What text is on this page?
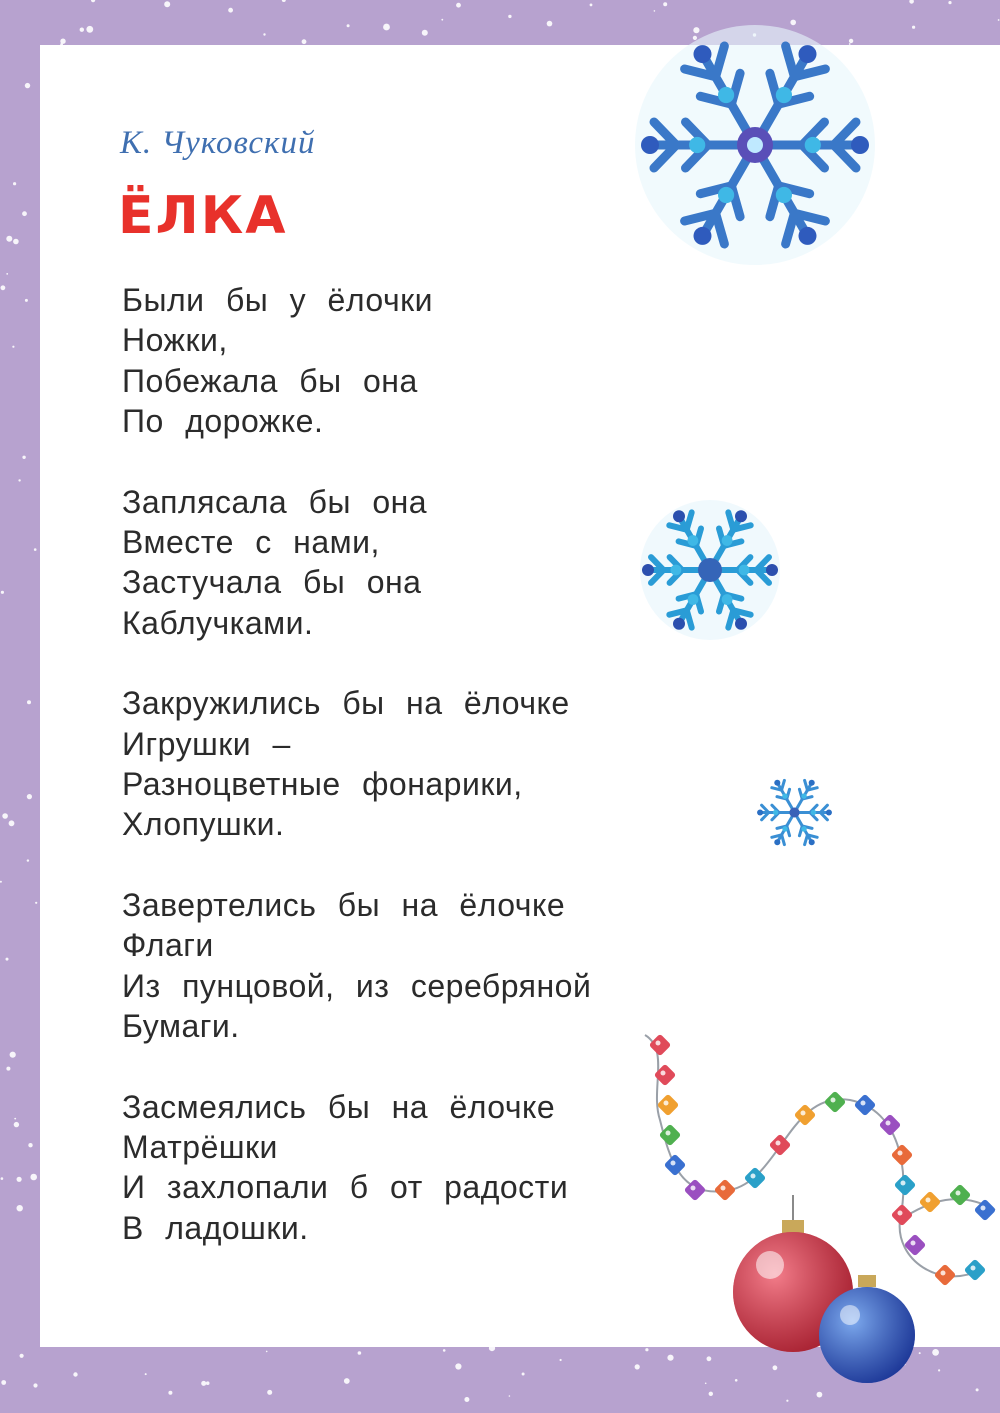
К. Чуковский
ЁЛКА

Были бы у ёлочки
Ножки,
Побежала бы она
По дорожке.

Заплясала бы она
Вместе с нами,
Застучала бы она
Каблучками.

Закружились бы на ёлочке
Игрушки –
Разноцветные фонарики,
Хлопушки.

Завертелись бы на ёлочке
Флаги
Из пунцовой, из серебряной
Бумаги.

Засмеялись бы на ёлочке
Матрёшки
И захлопали б от радости
В ладошки.
